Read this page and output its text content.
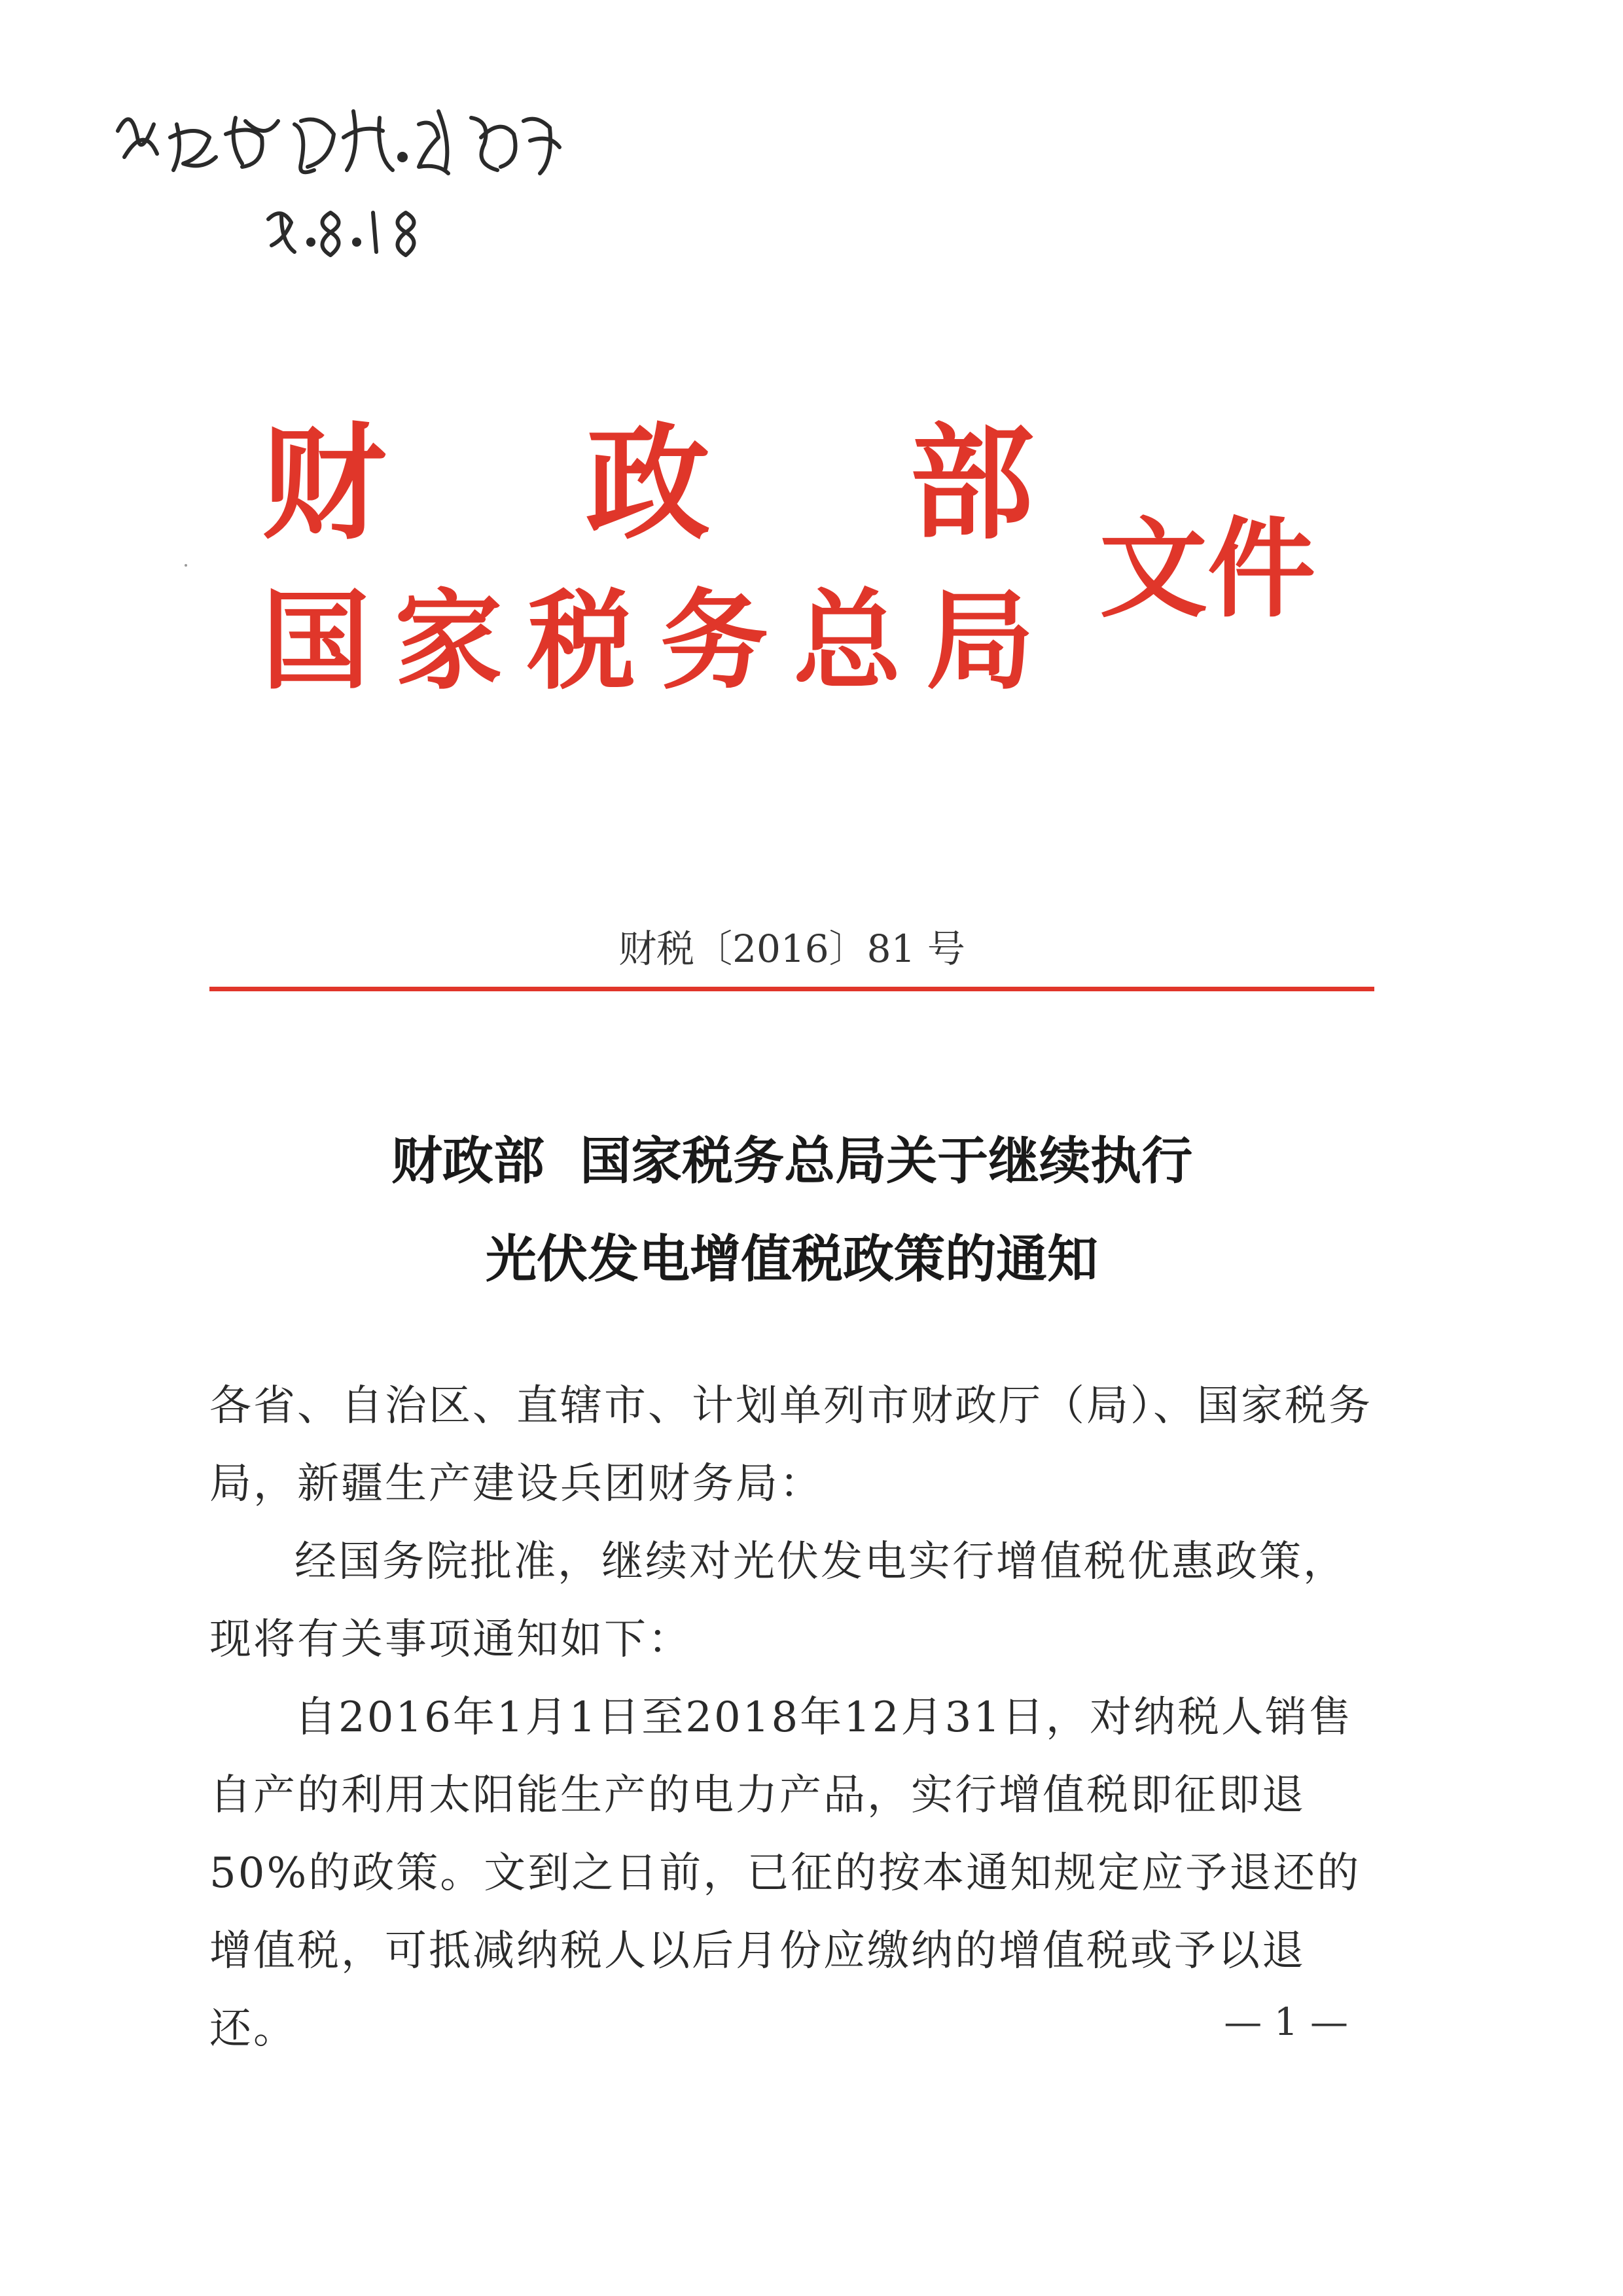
财 政 部
国 家 税 务 总 局
文件
财税〔2016〕81 号
财政部  国家税务总局关于继续执行
光伏发电增值税政策的通知

各省、自治区、直辖市、计划单列市财政厅（局）、国家税务局，新疆生产建设兵团财务局：

经国务院批准，继续对光伏发电实行增值税优惠政策，现将有关事项通知如下：

自2016年1月1日至2018年12月31日，对纳税人销售自产的利用太阳能生产的电力产品，实行增值税即征即退50%的政策。文到之日前，已征的按本通知规定应予退还的增值税，可抵减纳税人以后月份应缴纳的增值税或予以退还。	— 1 —
